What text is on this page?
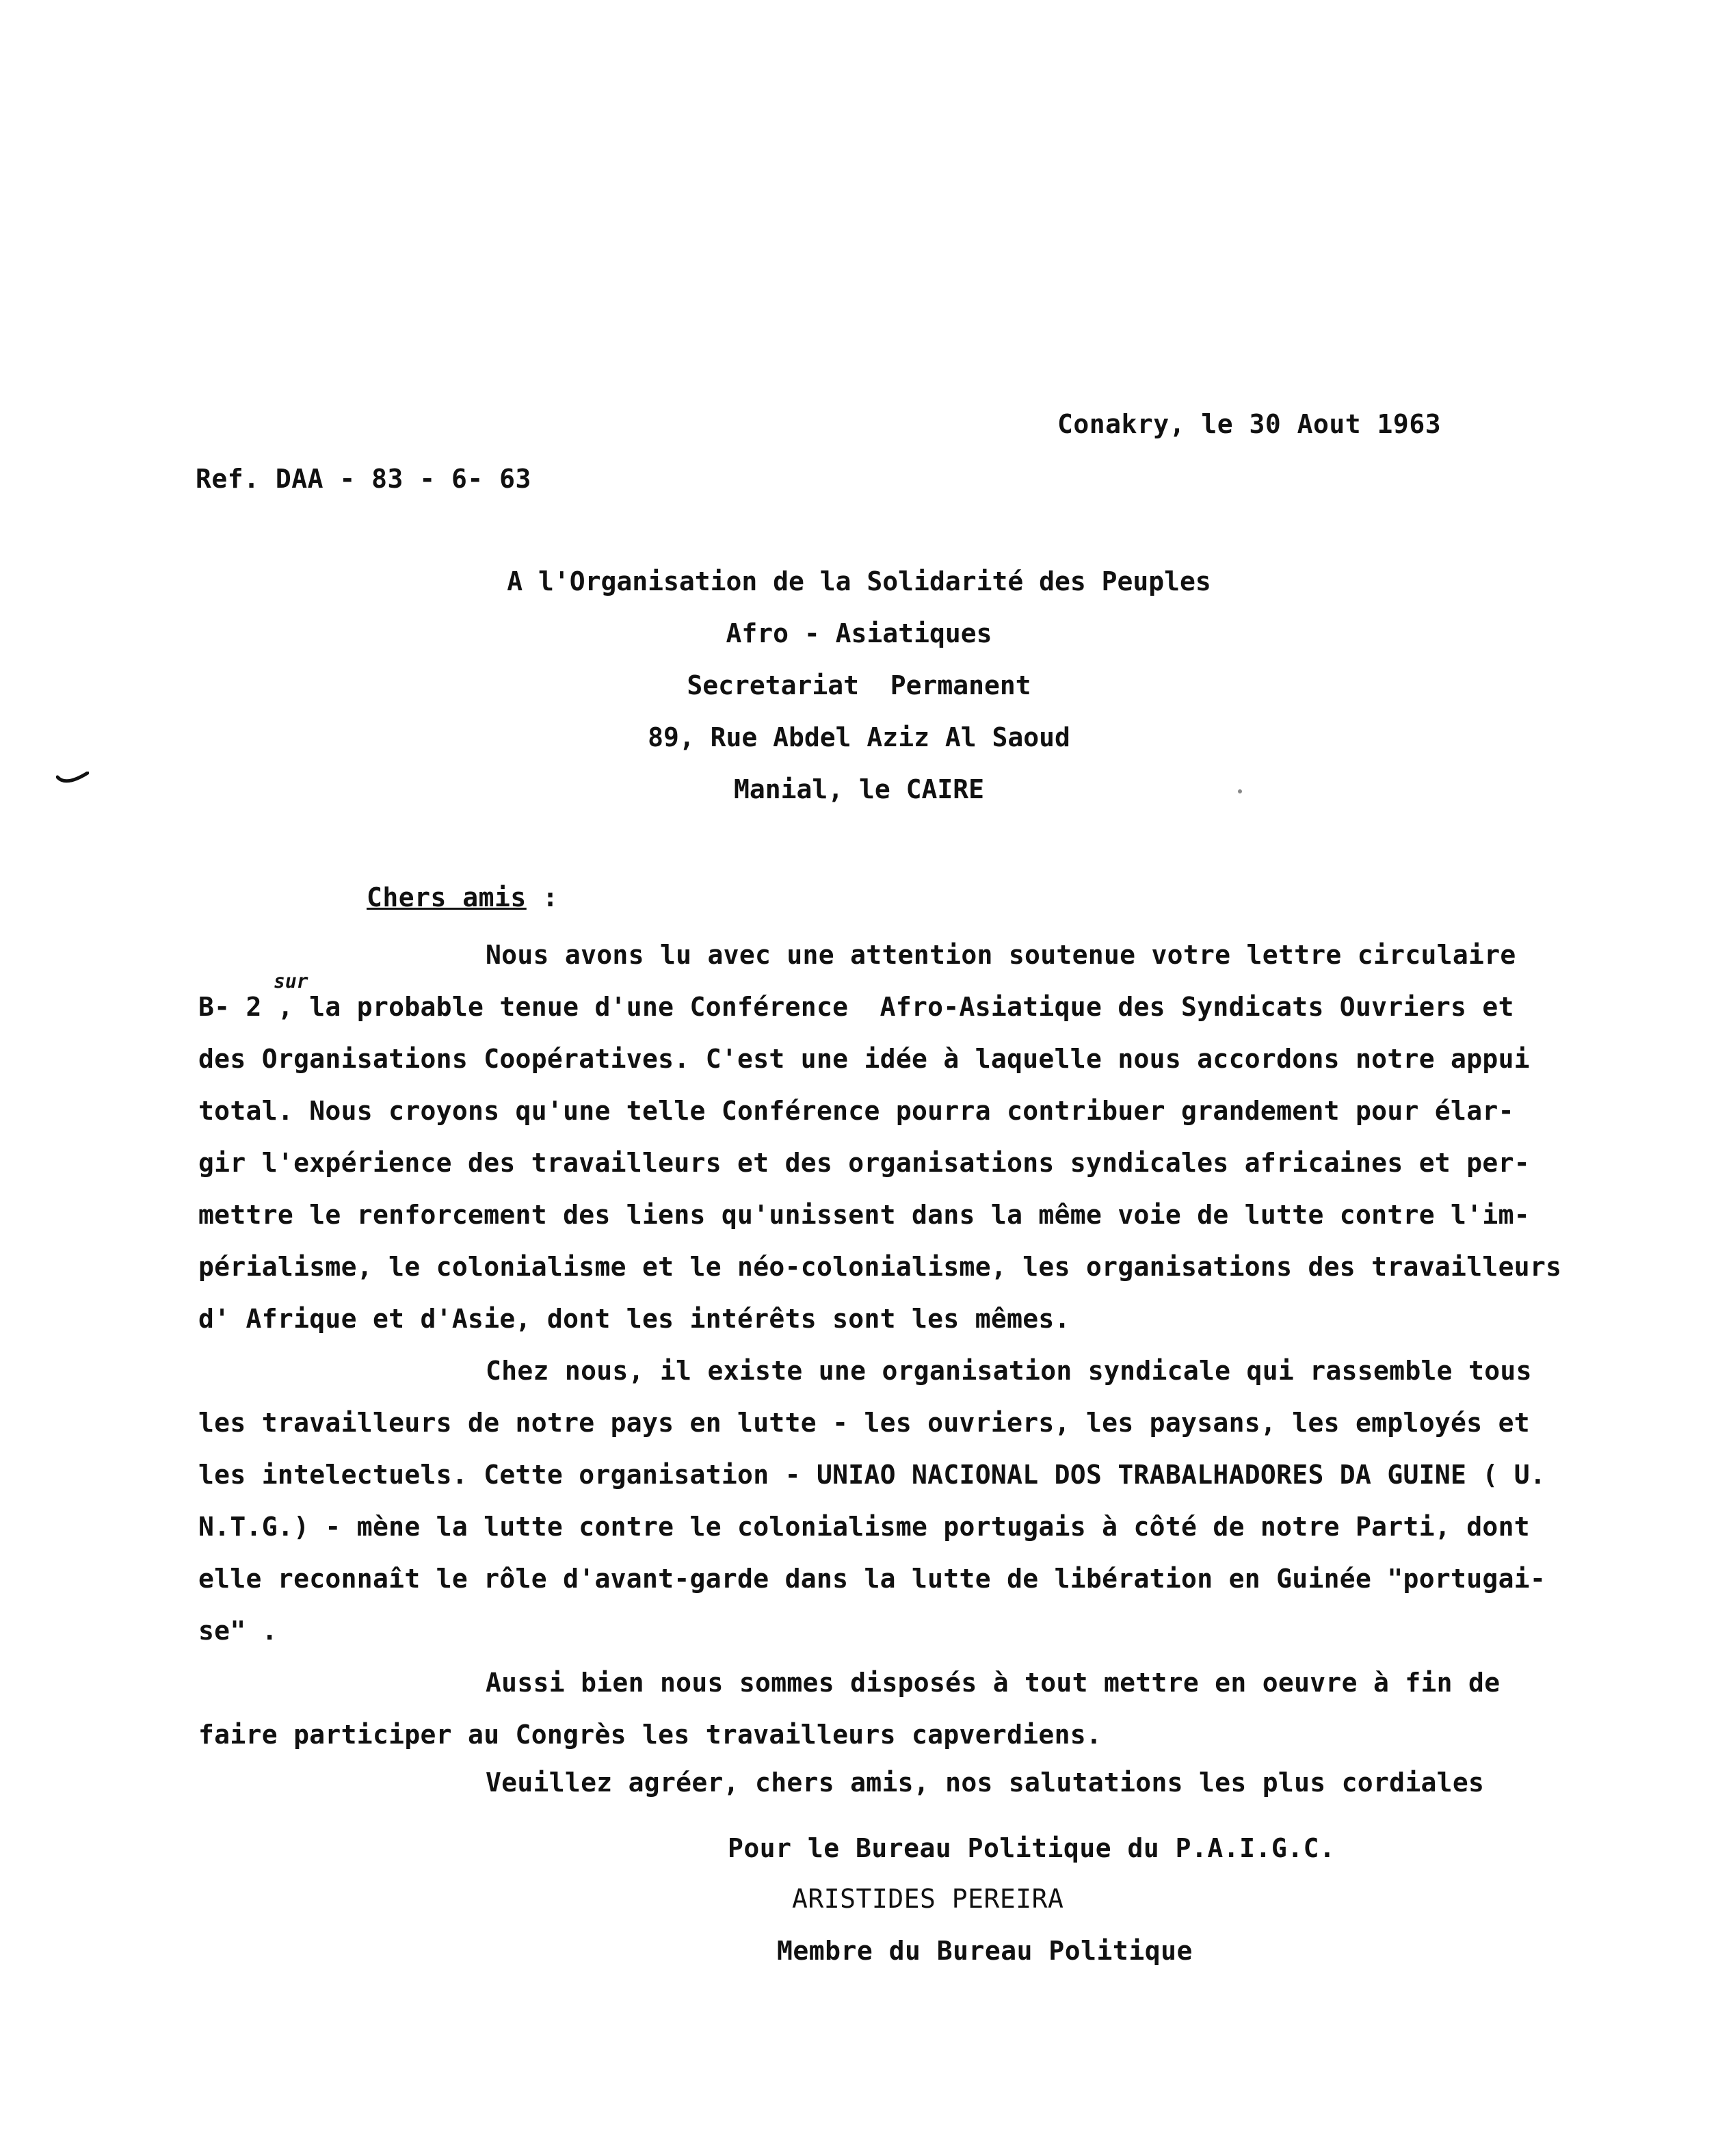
Conakry, le 30 Aout 1963
Ref. DAA - 83 - 6- 63
A l'Organisation de la Solidarité des Peuples
Afro - Asiatiques
Secretariat  Permanent
89, Rue Abdel Aziz Al Saoud
Manial, le CAIRE
Chers amis :
sur
Nous avons lu avec une attention soutenue votre lettre circulaire
B- 2 , la probable tenue d'une Conférence  Afro-Asiatique des Syndicats Ouvriers et
des Organisations Coopératives. C'est une idée à laquelle nous accordons notre appui
total. Nous croyons qu'une telle Conférence pourra contribuer grandement pour élar-
gir l'expérience des travailleurs et des organisations syndicales africaines et per-
mettre le renforcement des liens qu'unissent dans la même voie de lutte contre l'im-
périalisme, le colonialisme et le néo-colonialisme, les organisations des travailleurs
d' Afrique et d'Asie, dont les intérêts sont les mêmes.
Chez nous, il existe une organisation syndicale qui rassemble tous
les travailleurs de notre pays en lutte - les ouvriers, les paysans, les employés et
les intelectuels. Cette organisation - UNIAO NACIONAL DOS TRABALHADORES DA GUINE ( U.
N.T.G.) - mène la lutte contre le colonialisme portugais à côté de notre Parti, dont
elle reconnaît le rôle d'avant-garde dans la lutte de libération en Guinée "portugai-
se" .
Aussi bien nous sommes disposés à tout mettre en oeuvre à fin de
faire participer au Congrès les travailleurs capverdiens.
Veuillez agréer, chers amis, nos salutations les plus cordiales
Pour le Bureau Politique du P.A.I.G.C.
ARISTIDES PEREIRA
Membre du Bureau Politique
